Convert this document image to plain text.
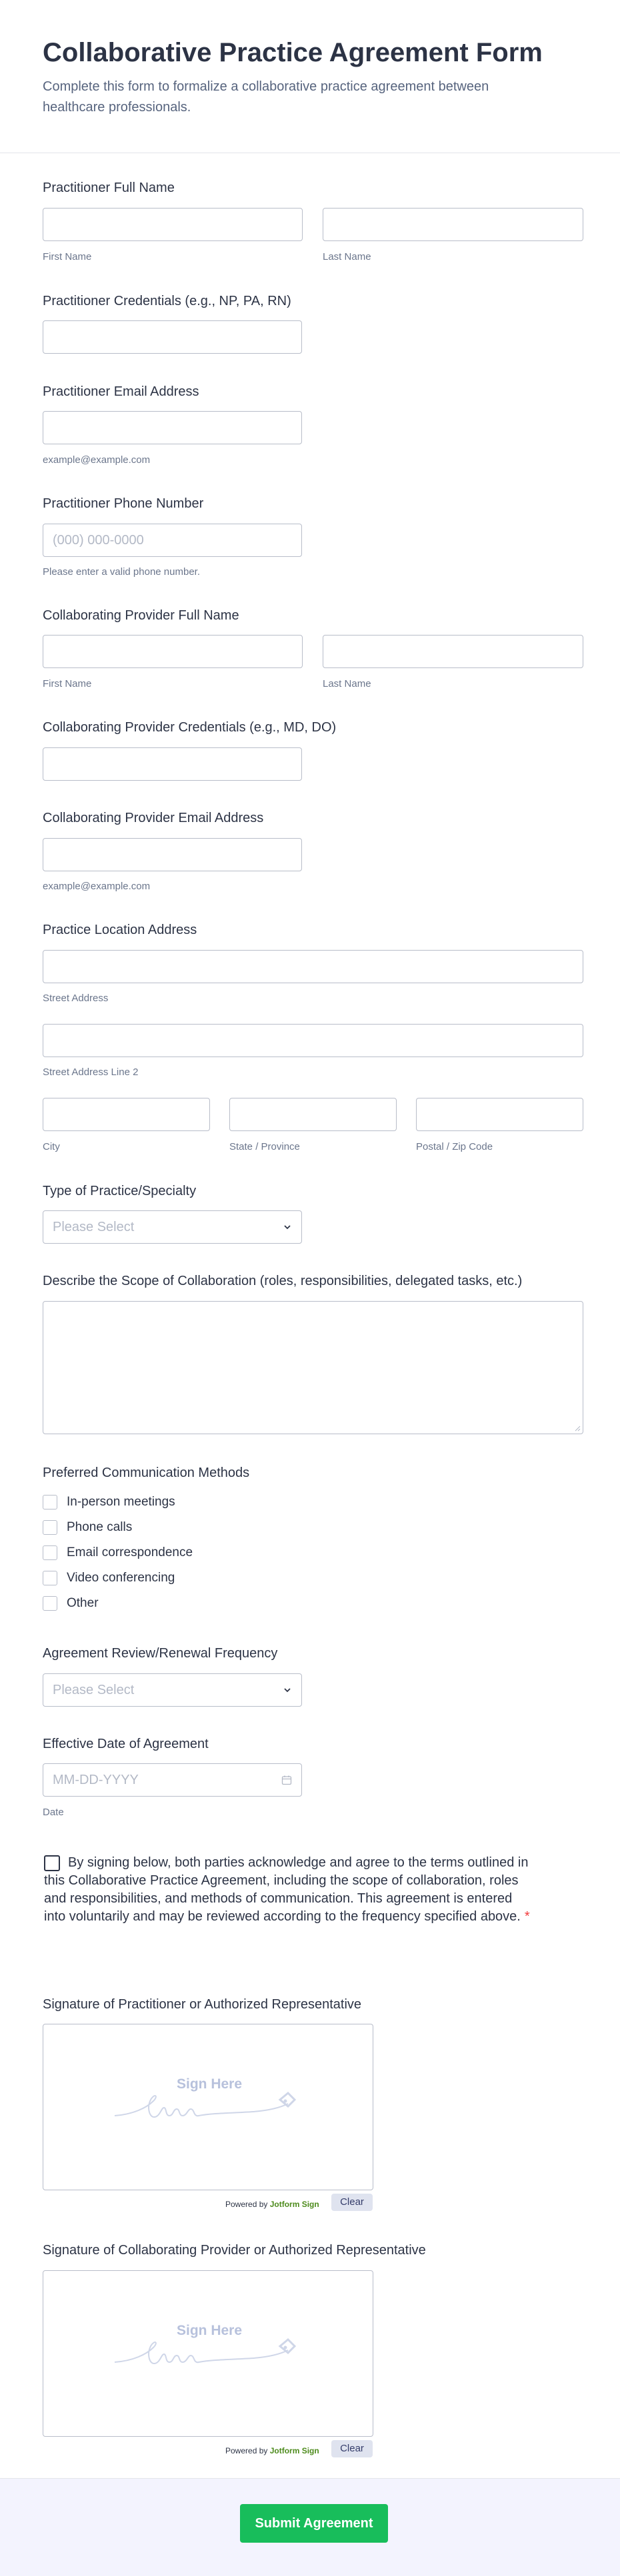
Collaborative Practice Agreement Form

Complete this form to formalize a collaborative practice agreement between healthcare professionals.

Practitioner Full Name
First Name	Last Name
Practitioner Credentials (e.g., NP, PA, RN)
Practitioner Email Address
example@example.com
Practitioner Phone Number
(000) 000-0000
Please enter a valid phone number.
Collaborating Provider Full Name
First Name	Last Name
Collaborating Provider Credentials (e.g., MD, DO)
Collaborating Provider Email Address
example@example.com
Practice Location Address
Street Address
Street Address Line 2
City	State / Province	Postal / Zip Code
Type of Practice/Specialty
Please Select
Describe the Scope of Collaboration (roles, responsibilities, delegated tasks, etc.)
Preferred Communication Methods
In-person meetings
Phone calls
Email correspondence
Video conferencing
Other
Agreement Review/Renewal Frequency
Please Select
Effective Date of Agreement
MM-DD-YYYY
Date
By signing below, both parties acknowledge and agree to the terms outlined in this Collaborative Practice Agreement, including the scope of collaboration, roles and responsibilities, and methods of communication. This agreement is entered into voluntarily and may be reviewed according to the frequency specified above. *
Signature of Practitioner or Authorized Representative
Sign Here
Powered by Jotform Sign	Clear
Signature of Collaborating Provider or Authorized Representative
Sign Here
Powered by Jotform Sign	Clear
Submit Agreement
